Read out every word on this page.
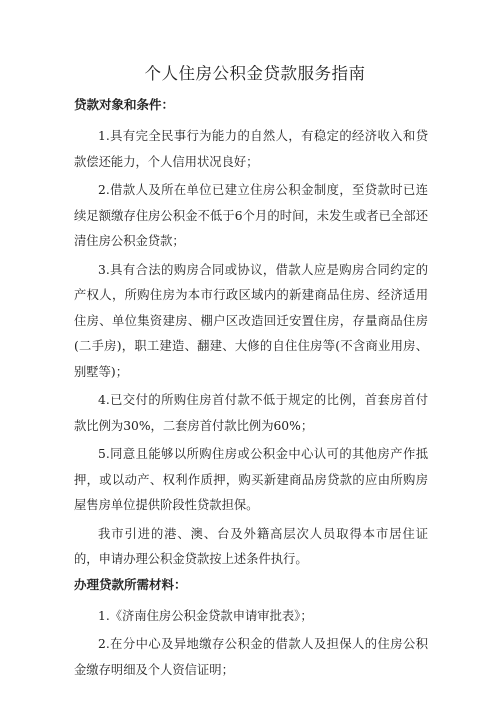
个人住房公积金贷款服务指南
贷款对象和条件：

1.具有完全民事行为能力的自然人，有稳定的经济收入和贷款偿还能力，个人信用状况良好；

2.借款人及所在单位已建立住房公积金制度，至贷款时已连续足额缴存住房公积金不低于6个月的时间，未发生或者已全部还清住房公积金贷款；

3.具有合法的购房合同或协议，借款人应是购房合同约定的产权人，所购住房为本市行政区域内的新建商品住房、经济适用住房、单位集资建房、棚户区改造回迁安置住房，存量商品住房(二手房)，职工建造、翻建、大修的自住住房等(不含商业用房、别墅等)；

4.已交付的所购住房首付款不低于规定的比例，首套房首付款比例为30%，二套房首付款比例为60%；

5.同意且能够以所购住房或公积金中心认可的其他房产作抵押，或以动产、权利作质押，购买新建商品房贷款的应由所购房屋售房单位提供阶段性贷款担保。

我市引进的港、澳、台及外籍高层次人员取得本市居住证的，申请办理公积金贷款按上述条件执行。

办理贷款所需材料：

1.《济南住房公积金贷款申请审批表》；

2.在分中心及异地缴存公积金的借款人及担保人的住房公积金缴存明细及个人资信证明；
